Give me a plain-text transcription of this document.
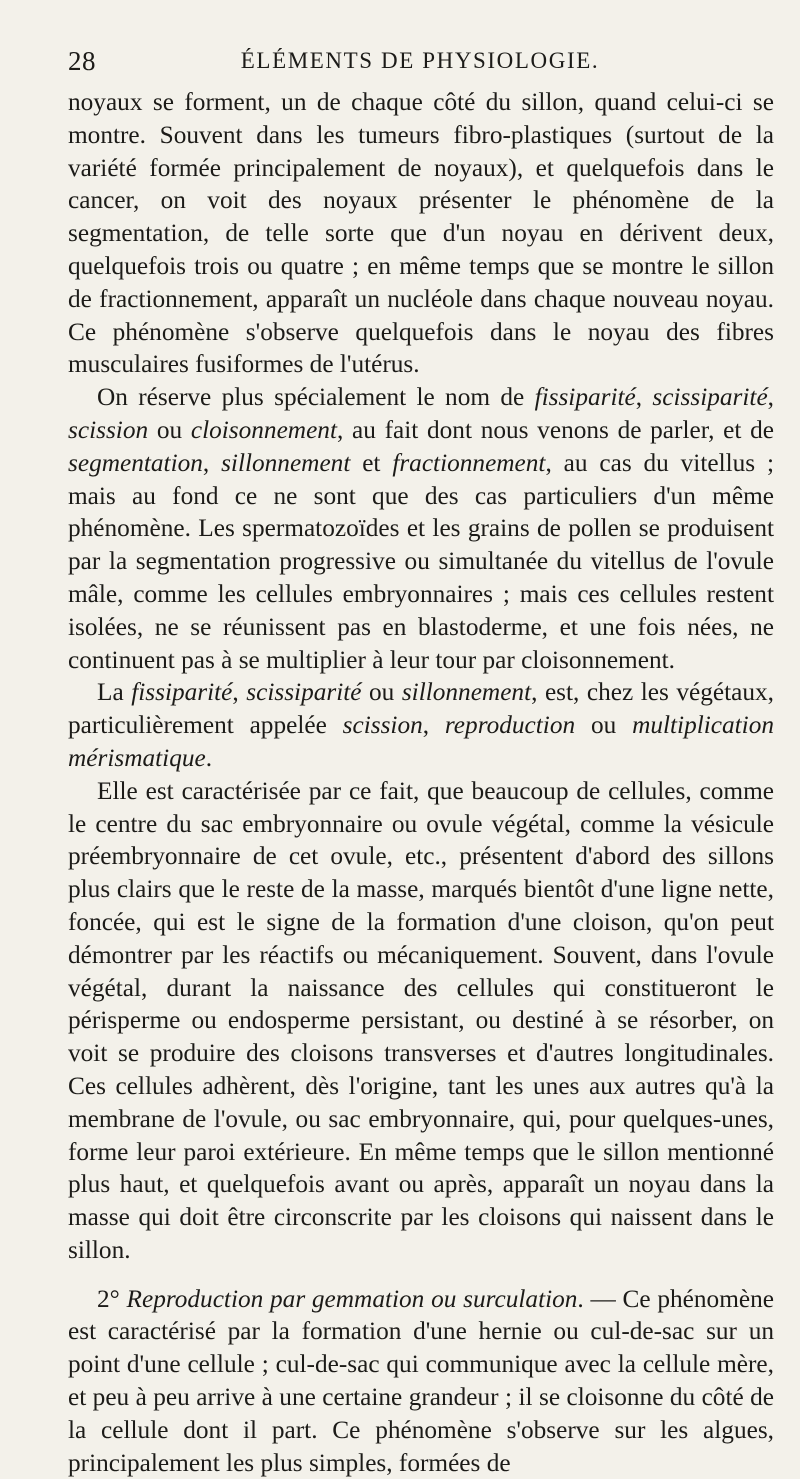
28	ÉLÉMENTS DE PHYSIOLOGIE.

noyaux se forment, un de chaque côté du sillon, quand celui-ci se montre. Souvent dans les tumeurs fibro-plastiques (surtout de la variété formée principalement de noyaux), et quelquefois dans le cancer, on voit des noyaux présenter le phénomène de la segmentation, de telle sorte que d'un noyau en dérivent deux, quelquefois trois ou quatre ; en même temps que se montre le sillon de fractionnement, apparaît un nucléole dans chaque nouveau noyau. Ce phénomène s'observe quelquefois dans le noyau des fibres musculaires fusiformes de l'utérus.

On réserve plus spécialement le nom de fissiparité, scissiparité, scission ou cloisonnement, au fait dont nous venons de parler, et de segmentation, sillonnement et fractionnement, au cas du vitellus ; mais au fond ce ne sont que des cas particuliers d'un même phénomène. Les spermatozoïdes et les grains de pollen se produisent par la segmentation progressive ou simultanée du vitellus de l'ovule mâle, comme les cellules embryonnaires ; mais ces cellules restent isolées, ne se réunissent pas en blastoderme, et une fois nées, ne continuent pas à se multiplier à leur tour par cloisonnement.

La fissiparité, scissiparité ou sillonnement, est, chez les végétaux, particulièrement appelée scission, reproduction ou multiplication mérismatique.

Elle est caractérisée par ce fait, que beaucoup de cellules, comme le centre du sac embryonnaire ou ovule végétal, comme la vésicule préembryonnaire de cet ovule, etc., présentent d'abord des sillons plus clairs que le reste de la masse, marqués bientôt d'une ligne nette, foncée, qui est le signe de la formation d'une cloison, qu'on peut démontrer par les réactifs ou mécaniquement. Souvent, dans l'ovule végétal, durant la naissance des cellules qui constitueront le périsperme ou endosperme persistant, ou destiné à se résorber, on voit se produire des cloisons transverses et d'autres longitudinales. Ces cellules adhèrent, dès l'origine, tant les unes aux autres qu'à la membrane de l'ovule, ou sac embryonnaire, qui, pour quelques-unes, forme leur paroi extérieure. En même temps que le sillon mentionné plus haut, et quelquefois avant ou après, apparaît un noyau dans la masse qui doit être circonscrite par les cloisons qui naissent dans le sillon.

2° Reproduction par gemmation ou surculation. — Ce phénomène est caractérisé par la formation d'une hernie ou cul-de-sac sur un point d'une cellule ; cul-de-sac qui communique avec la cellule mère, et peu à peu arrive à une certaine grandeur ; il se cloisonne du côté de la cellule dont il part. Ce phénomène s'observe sur les algues, principalement les plus simples, formées de
